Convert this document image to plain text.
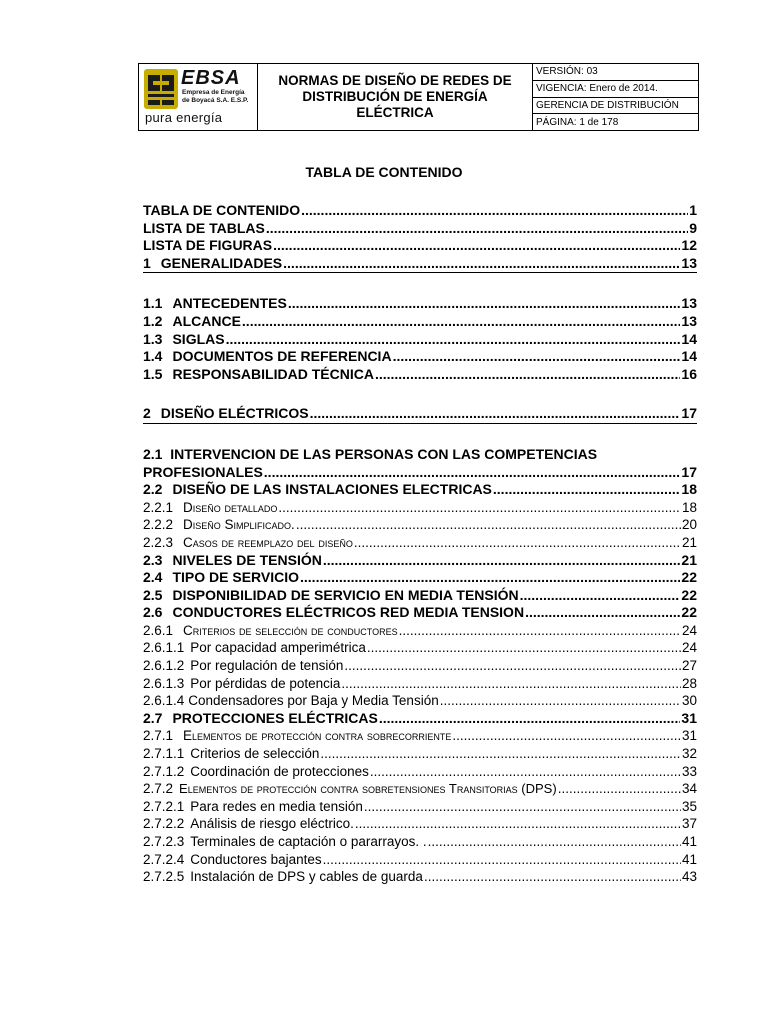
EBSA
Empresa de Energía
de Boyacá S.A. E.S.P.
pura energía
NORMAS DE DISEÑO DE REDES DE DISTRIBUCIÓN DE ENERGÍA ELÉCTRICA
VERSIÓN: 03
VIGENCIA: Enero de 2014.
GERENCIA DE DISTRIBUCIÓN
PÁGINA: 1 de 178
TABLA DE CONTENIDO
TABLA DE CONTENIDO .....	1
LISTA DE TABLAS .....	9
LISTA DE FIGURAS .....	12
1 GENERALIDADES .....	13
1.1 ANTECEDENTES .....	13
1.2 ALCANCE .....	13
1.3 SIGLAS .....	14
1.4 DOCUMENTOS DE REFERENCIA .....	14
1.5 RESPONSABILIDAD TÉCNICA .....	16
2 DISEÑO ELÉCTRICOS .....	17
2.1 INTERVENCION DE LAS PERSONAS CON LAS COMPETENCIAS
PROFESIONALES .....	17
2.2 DISEÑO DE LAS INSTALACIONES ELECTRICAS .....	18
2.2.1 Diseño detallado .....	18
2.2.2 Diseño Simplificado. .....	20
2.2.3 Casos de reemplazo del diseño .....	21
2.3 NIVELES DE TENSIÓN .....	21
2.4 TIPO DE SERVICIO .....	22
2.5 DISPONIBILIDAD DE SERVICIO EN MEDIA TENSIÓN .....	22
2.6 CONDUCTORES ELÉCTRICOS RED MEDIA TENSION .....	22
2.6.1 Criterios de selección de conductores .....	24
2.6.1.1 Por capacidad amperimétrica .....	24
2.6.1.2 Por regulación de tensión .....	27
2.6.1.3 Por pérdidas de potencia .....	28
2.6.1.4 Condensadores por Baja y Media Tensión .....	30
2.7 PROTECCIONES ELÉCTRICAS .....	31
2.7.1 Elementos de protección contra sobrecorriente .....	31
2.7.1.1 Criterios de selección .....	32
2.7.1.2 Coordinación de protecciones .....	33
2.7.2 Elementos de protección contra sobretensiones Transitorias (DPS) .....	34
2.7.2.1 Para redes en media tensión .....	35
2.7.2.2 Análisis de riesgo eléctrico. .....	37
2.7.2.3 Terminales de captación o pararrayos. . .....	41
2.7.2.4 Conductores bajantes .....	41
2.7.2.5 Instalación de DPS y cables de guarda .....	43
